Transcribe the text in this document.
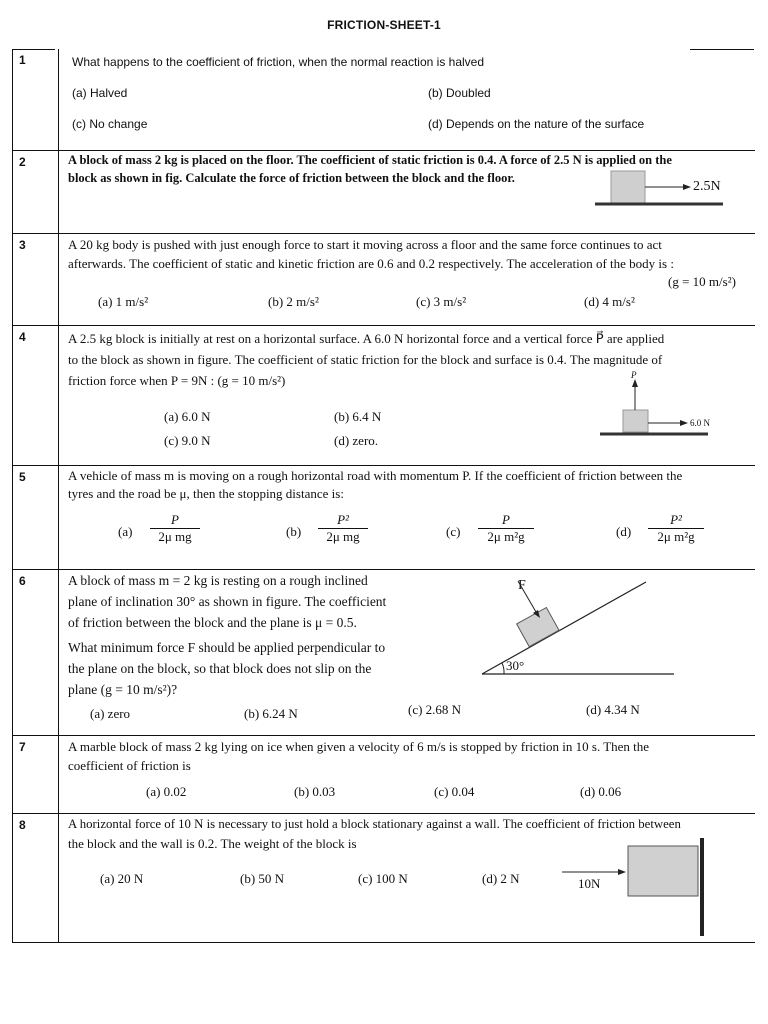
FRICTION-SHEET-1
1	What happens to the coefficient of friction, when the normal reaction is halved
(a) Halved	(b) Doubled
(c) No change	(d) Depends on the nature of the surface
2	A block of mass 2 kg is placed on the floor. The coefficient of static friction is 0.4. A force of 2.5 N is applied on the
block as shown in fig. Calculate the force of friction between the block and the floor.
2.5N
3	A 20 kg body is pushed with just enough force to start it moving across a floor and the same force continues to act
afterwards. The coefficient of static and kinetic friction are 0.6 and 0.2 respectively. The acceleration of the body is :
(g = 10 m/s²)
(a) 1 m/s²	(b) 2 m/s²	(c) 3 m/s²	(d) 4 m/s²
4	A 2.5 kg block is initially at rest on a horizontal surface. A 6.0 N horizontal force and a vertical force P⃗ are applied
to the block as shown in figure. The coefficient of static friction for the block and surface is 0.4. The magnitude of
friction force when P = 9N : (g = 10 m/s²)
(a) 6.0 N	(b) 6.4 N
(c) 9.0 N	(d) zero.
P⃗
6.0 N
5	A vehicle of mass m is moving on a rough horizontal road with momentum P. If the coefficient of friction between the
tyres and the road be μ, then the stopping distance is:
$(a) \frac{P}{\text{2μ mg}}$	$(b) \frac{\text{P²}}{\text{2μ mg}}$	$(c) \frac{P}{\text{2μ m²g}}$	$(d) \frac{\text{P²}}{\text{2μ m²g}}$
6	A block of mass m = 2 kg is resting on a rough inclined
plane of inclination 30° as shown in figure. The coefficient
of friction between the block and the plane is μ = 0.5.
What minimum force F should be applied perpendicular to
the plane on the block, so that block does not slip on the
plane (g = 10 m/s²)?
(a) zero	(b) 6.24 N	(c) 2.68 N	(d) 4.34 N
F
30°
7	A marble block of mass 2 kg lying on ice when given a velocity of 6 m/s is stopped by friction in 10 s. Then the
coefficient of friction is
(a) 0.02	(b) 0.03	(c) 0.04	(d) 0.06
8	A horizontal force of 10 N is necessary to just hold a block stationary against a wall. The coefficient of friction between
the block and the wall is 0.2. The weight of the block is
(a) 20 N	(b) 50 N	(c) 100 N	(d) 2 N	10N
